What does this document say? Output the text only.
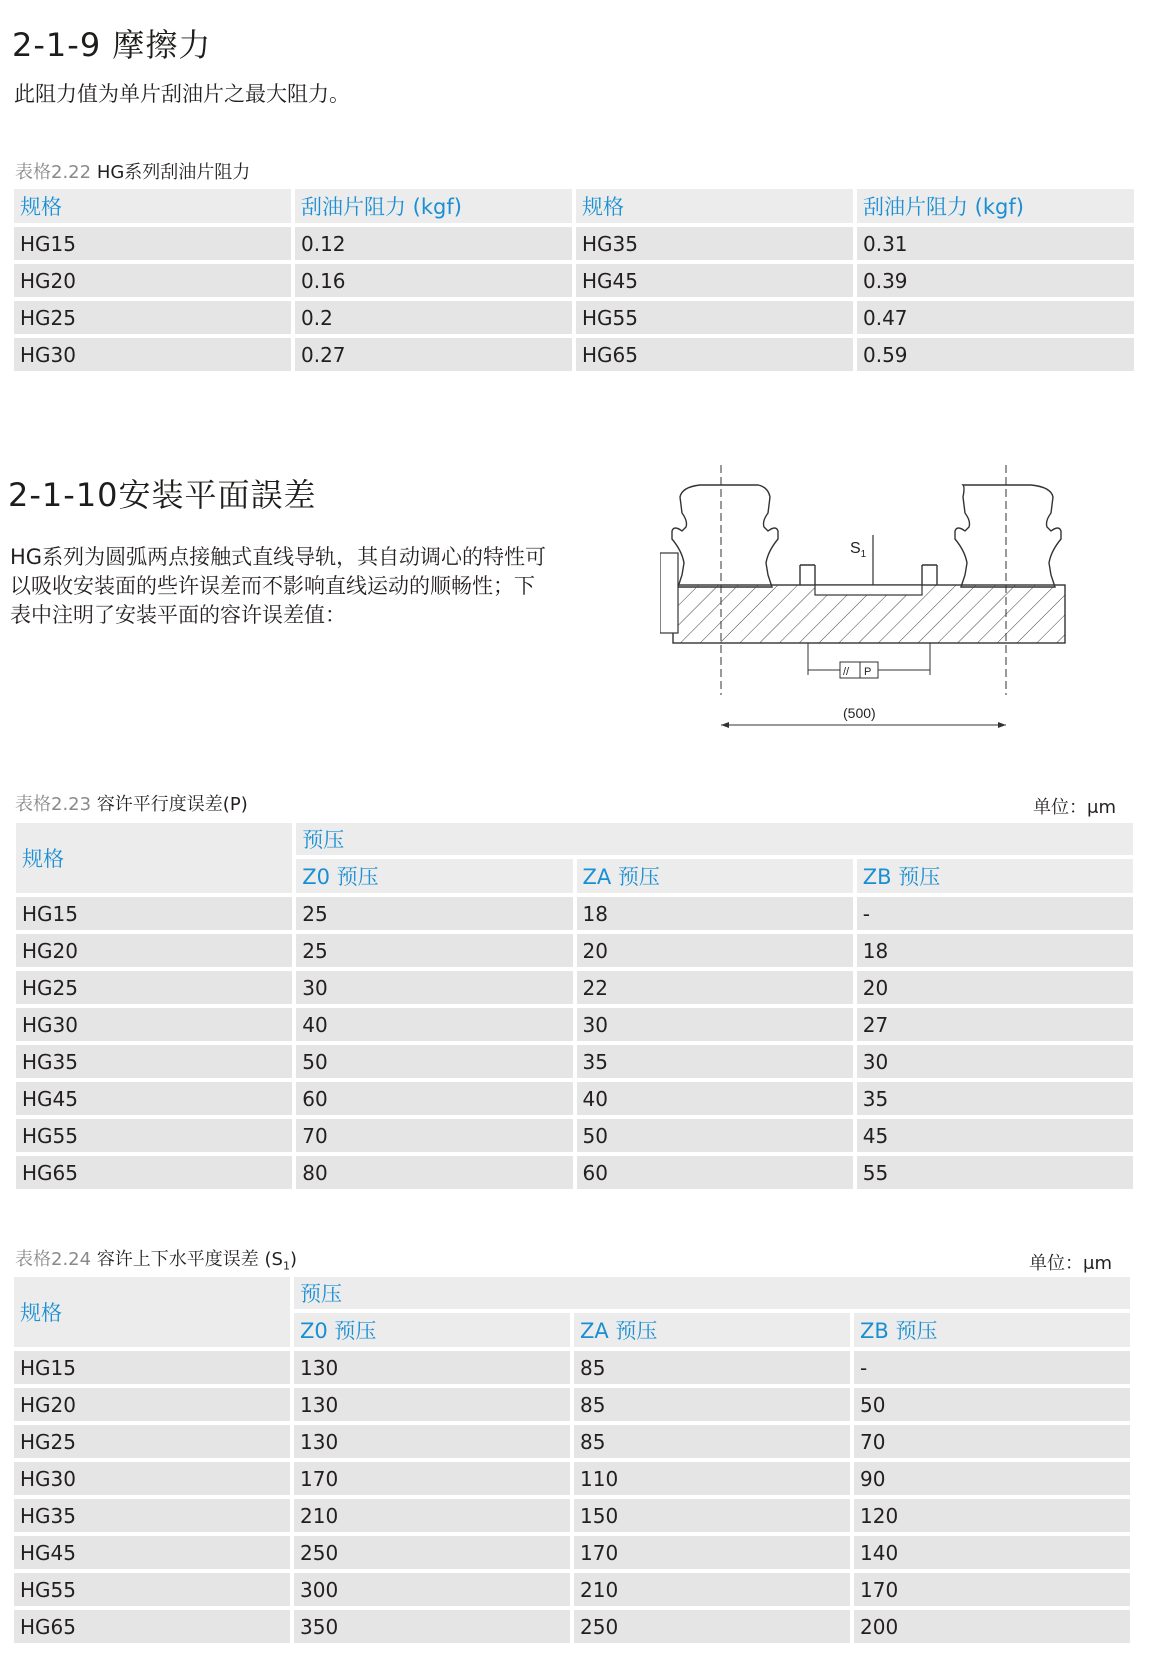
2-1-9 摩擦力
此阻力值为单片刮油片之最大阻力。
表格2.22 HG系列刮油片阻力
规格	刮油片阻力 (kgf)	规格	刮油片阻力 (kgf)
HG15	0.12	HG35	0.31
HG20	0.16	HG45	0.39
HG25	0.2	HG55	0.47
HG30	0.27	HG65	0.59
2-1-10安装平面誤差
HG系列为圆弧两点接触式直线导轨，其自动调心的特性可
以吸收安装面的些许误差而不影响直线运动的顺畅性；下
表中注明了安装平面的容许误差值：
$S_1$
// P
(500)
表格2.23 容许平行度误差(P)	单位：μm
规格	预压		
	Z0 预压	ZA 预压	ZB 预压
HG15	25	18	-
HG20	25	20	18
HG25	30	22	20
HG30	40	30	27
HG35	50	35	30
HG45	60	40	35
HG55	70	50	45
HG65	80	60	55
表格2.24 容许上下水平度误差 $(S_1)$	单位：μm
规格	预压		
	Z0 预压	ZA 预压	ZB 预压
HG15	130	85	-
HG20	130	85	50
HG25	130	85	70
HG30	170	110	90
HG35	210	150	120
HG45	250	170	140
HG55	300	210	170
HG65	350	250	200
